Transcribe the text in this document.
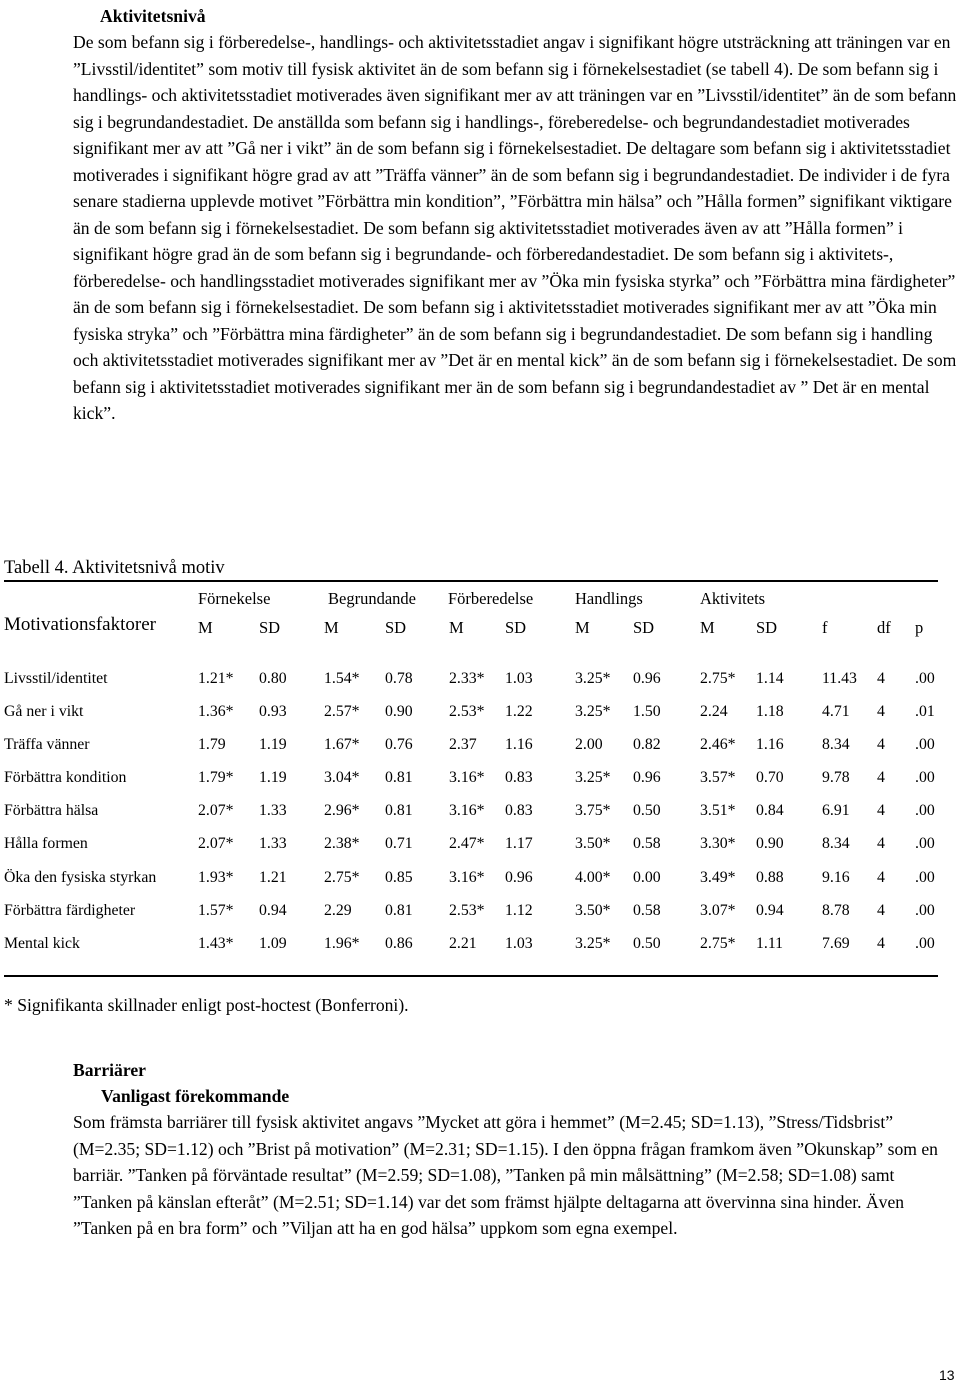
Aktivitetsnivå
De som befann sig i förberedelse-, handlings- och aktivitetsstadiet angav i signifikant högre utsträckning att träningen var en ”Livsstil/identitet” som motiv till fysisk aktivitet än de som befann sig i förnekelsestadiet (se tabell 4). De som befann sig i handlings- och aktivitetsstadiet motiverades även signifikant mer av att träningen var en ”Livsstil/identitet” än de som befann sig i begrundandestadiet. De anställda som befann sig i handlings-, föreberedelse- och begrundandestadiet motiverades signifikant mer av att ”Gå ner i vikt” än de som befann sig i förnekelsestadiet. De deltagare som befann sig i aktivitetsstadiet motiverades i signifikant högre grad av att ”Träffa vänner” än de som befann sig i begrundandestadiet. De individer i de fyra senare stadierna upplevde motivet ”Förbättra min kondition”, ”Förbättra min hälsa” och ”Hålla formen” signifikant viktigare än de som befann sig i förnekelsestadiet. De som befann sig aktivitetsstadiet motiverades även av att ”Hålla formen” i signifikant högre grad än de som befann sig i begrundande- och förberedandestadiet. De som befann sig i aktivitets-, förberedelse- och handlingsstadiet motiverades signifikant mer av ”Öka min fysiska styrka” och ”Förbättra mina färdigheter” än de som befann sig i förnekelsestadiet. De som befann sig i aktivitetsstadiet motiverades signifikant mer av att ”Öka min fysiska stryka” och ”Förbättra mina färdigheter” än de som befann sig i begrundandestadiet. De som befann sig i handling och aktivitetsstadiet motiverades signifikant mer av ”Det är en mental kick” än de som befann sig i förnekelsestadiet. De som befann sig i aktivitetsstadiet motiverades signifikant mer än de som befann sig i begrundandestadiet av ” Det är en mental kick”.
Tabell 4. Aktivitetsnivå motiv
Förnekelse	Begrundande Förberedelse	Handlings	Aktivitets
Motivationsfaktorer	M	SD	M	SD	M	SD	M	SD	M	SD	f	df p
Livsstil/identitet	1.21* 0.80 1.54* 0.78 2.33* 1.03	3.25* 0.96 2.75* 1.14 11.43 4 .00
Gå ner i vikt	1.36* 0.93 2.57* 0.90 2.53* 1.22	3.25* 1.50 2.24 1.18 4.71 4 .01
Träffa vänner	1.79 1.19 1.67* 0.76 2.37 1.16	2.00 0.82 2.46* 1.16 8.34 4 .00
Förbättra kondition	1.79* 1.19 3.04* 0.81 3.16* 0.83	3.25* 0.96 3.57* 0.70 9.78 4 .00
Förbättra hälsa	2.07* 1.33 2.96* 0.81 3.16* 0.83	3.75* 0.50 3.51* 0.84 6.91 4 .00
Hålla formen	2.07* 1.33 2.38* 0.71 2.47* 1.17	3.50* 0.58 3.30* 0.90 8.34 4 .00
Öka den fysiska styrkan	1.93* 1.21 2.75* 0.85 3.16* 0.96	4.00* 0.00 3.49* 0.88 9.16 4 .00
Förbättra färdigheter	1.57* 0.94 2.29 0.81 2.53* 1.12	3.50* 0.58 3.07* 0.94 8.78 4 .00
Mental kick	1.43* 1.09 1.96* 0.86 2.21 1.03	3.25* 0.50 2.75* 1.11 7.69 4 .00
* Signifikanta skillnader enligt post-hoctest (Bonferroni).
Barriärer
Vanligast förekommande
Som främsta barriärer till fysisk aktivitet angavs ”Mycket att göra i hemmet” (M=2.45; SD=1.13), ”Stress/Tidsbrist” (M=2.35; SD=1.12) och ”Brist på motivation” (M=2.31; SD=1.15). I den öppna frågan framkom även ”Okunskap” som en barriär. ”Tanken på förväntade resultat” (M=2.59; SD=1.08), ”Tanken på min målsättning” (M=2.58; SD=1.08) samt ”Tanken på känslan efteråt” (M=2.51; SD=1.14) var det som främst hjälpte deltagarna att övervinna sina hinder. Även ”Tanken på en bra form” och ”Viljan att ha en god hälsa” uppkom som egna exempel.
13
